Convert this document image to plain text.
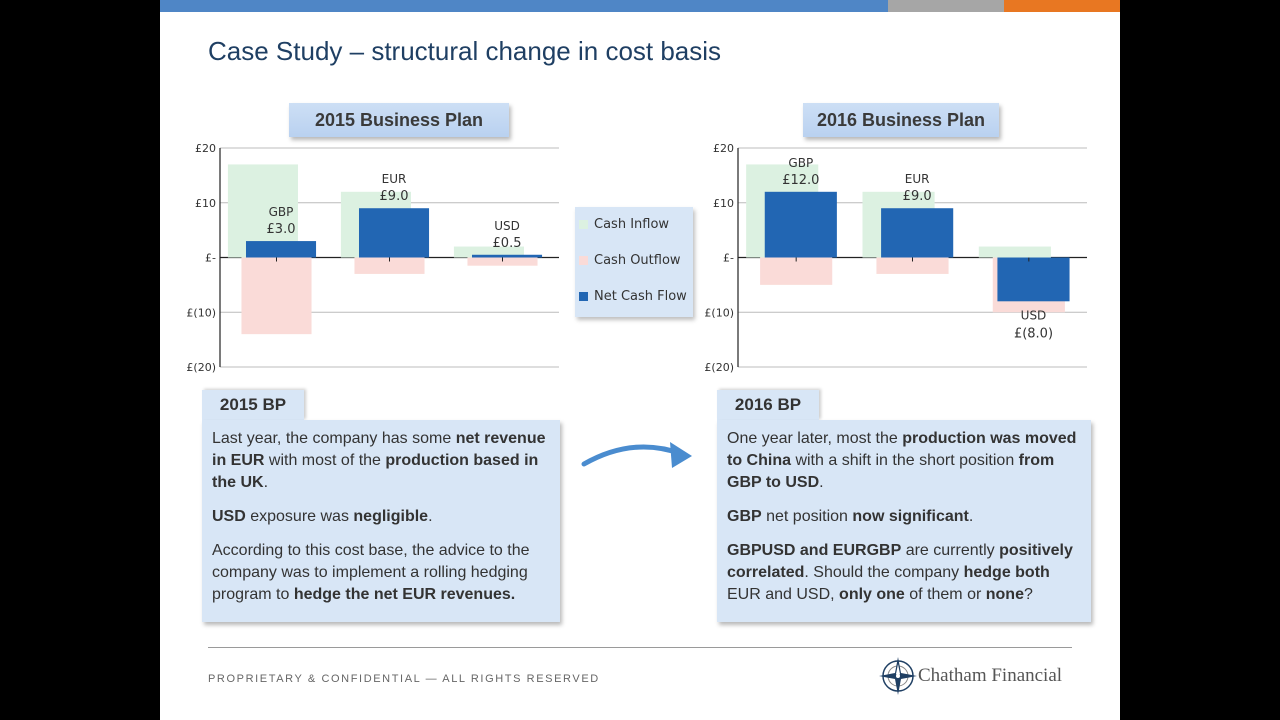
Case Study – structural change in cost basis
2015 Business Plan	2016 Business Plan
£20
£10
£-
£(10)
£(20)
GBP
£3.0
EUR
£9.0
USD
£0.5
£20
£10
£-
£(10)
£(20)
GBP
£12.0	EUR
£9.0
USD
£(8.0)
Cash Inflow
Cash Outflow
Net Cash Flow
2015 BP

Last year, the company has some net revenue in EUR with most of the production based in the UK.

USD exposure was negligible.

According to this cost base, the advice to the company was to implement a rolling hedging program to hedge the net EUR revenues.

2016 BP

One year later, most the production was moved to China with a shift in the short position from GBP to USD.

GBP net position now significant.

GBPUSD and EURGBP are currently positively correlated. Should the company hedge both EUR and USD, only one of them or none?

PROPRIETARY & CONFIDENTIAL — ALL RIGHTS RESERVED	Chatham Financial
